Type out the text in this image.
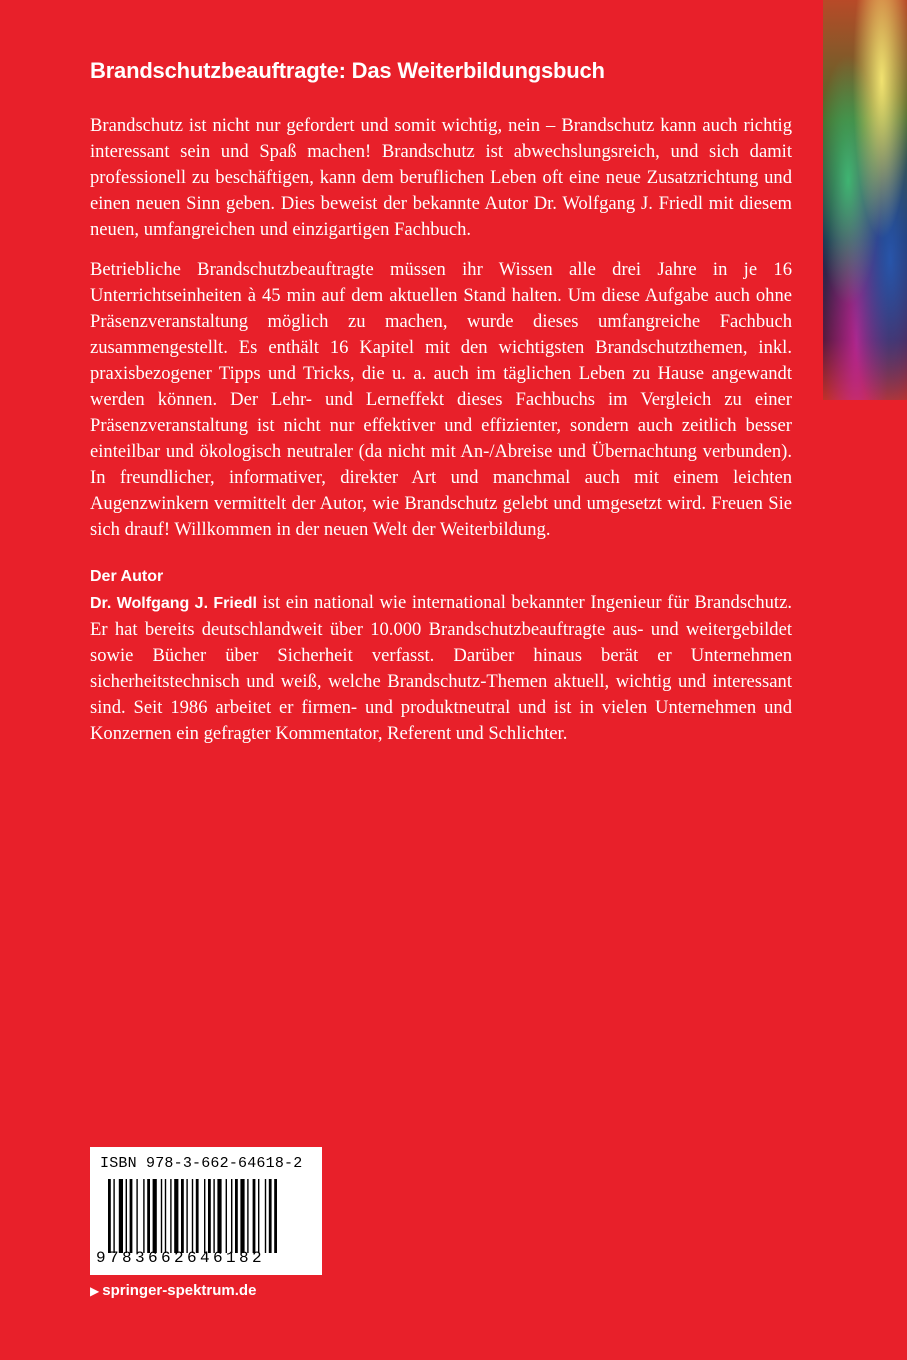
Brandschutzbeauftragte: Das Weiterbildungsbuch

Brandschutz ist nicht nur gefordert und somit wichtig, nein – Brandschutz kann auch richtig interessant sein und Spaß machen! Brandschutz ist abwechslungsreich, und sich damit professionell zu beschäftigen, kann dem beruflichen Leben oft eine neue Zusatzrichtung und einen neuen Sinn geben. Dies beweist der bekannte Autor Dr. Wolfgang J. Friedl mit diesem neuen, umfangreichen und einzigartigen Fachbuch.

Betriebliche Brandschutzbeauftragte müssen ihr Wissen alle drei Jahre in je 16 Unterrichtseinheiten à 45 min auf dem aktuellen Stand halten. Um diese Aufgabe auch ohne Präsenzveranstaltung möglich zu machen, wurde dieses umfangreiche Fachbuch zusammengestellt. Es enthält 16 Kapitel mit den wichtigsten Brandschutzthemen, inkl. praxisbezogener Tipps und Tricks, die u. a. auch im täglichen Leben zu Hause angewandt werden können. Der Lehr- und Lerneffekt dieses Fachbuchs im Vergleich zu einer Präsenzveranstaltung ist nicht nur effektiver und effizienter, sondern auch zeitlich besser einteilbar und ökologisch neutraler (da nicht mit An-/Abreise und Übernachtung verbunden). In freundlicher, informativer, direkter Art und manchmal auch mit einem leichten Augenzwinkern vermittelt der Autor, wie Brandschutz gelebt und umgesetzt wird. Freuen Sie sich drauf! Willkommen in der neuen Welt der Weiterbildung.

Der Autor

Dr. Wolfgang J. Friedl ist ein national wie international bekannter Ingenieur für Brandschutz. Er hat bereits deutschlandweit über 10.000 Brandschutzbeauftragte aus- und weitergebildet sowie Bücher über Sicherheit verfasst. Darüber hinaus berät er Unternehmen sicherheitstechnisch und weiß, welche Brandschutz-Themen aktuell, wichtig und interessant sind. Seit 1986 arbeitet er firmen- und produktneutral und ist in vielen Unternehmen und Konzernen ein gefragter Kommentator, Referent und Schlichter.

ISBN 978-3-662-64618-2
9783662646182
▶ springer-spektrum.de
